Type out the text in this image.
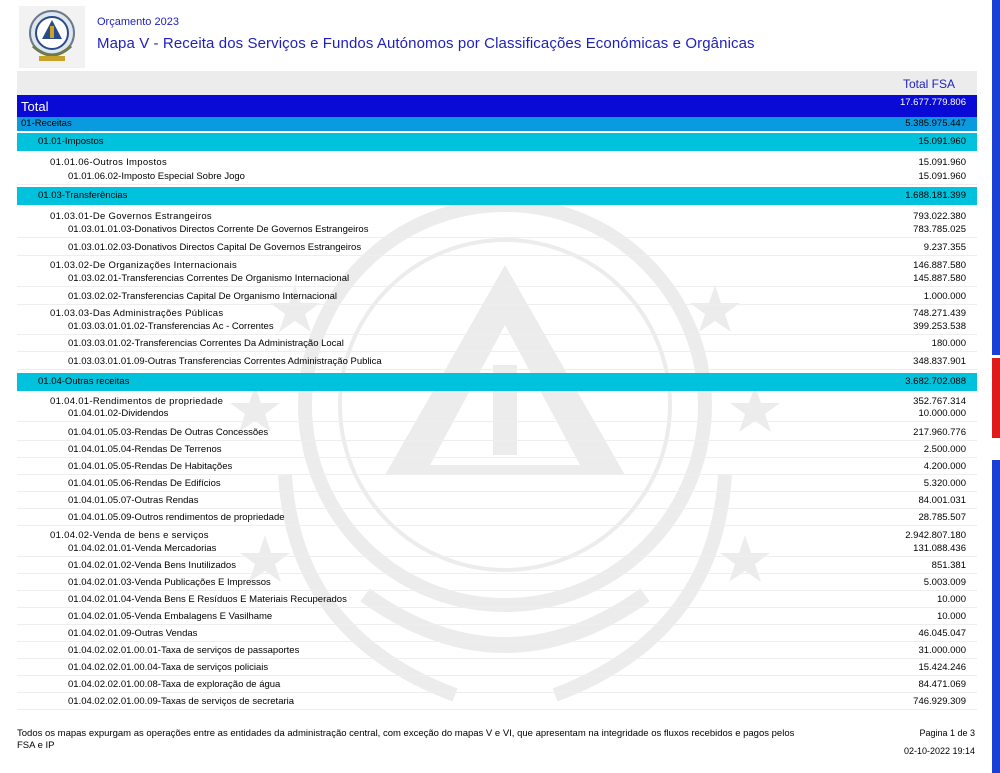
Orçamento 2023
Mapa V - Receita dos Serviços e Fundos Autónomos por Classificações Económicas e Orgânicas
Total FSA
Total	17.677.779.806
01-Receitas	5.385.975.447
01.01-Impostos	15.091.960
01.01.06-Outros Impostos	15.091.960
01.01.06.02-Imposto Especial Sobre Jogo	15.091.960
01.03-Transferências	1.688.181.399
01.03.01-De Governos Estrangeiros	793.022.380
01.03.01.01.03-Donativos Directos Corrente De Governos Estrangeiros	783.785.025
01.03.01.02.03-Donativos Directos Capital De Governos Estrangeiros	9.237.355
01.03.02-De Organizações Internacionais	146.887.580
01.03.02.01-Transferencias Correntes De Organismo Internacional	145.887.580
01.03.02.02-Transferencias Capital De Organismo Internacional	1.000.000
01.03.03-Das Administrações Públicas	748.271.439
01.03.03.01.01.02-Transferencias Ac - Correntes	399.253.538
01.03.03.01.02-Transferencias Correntes Da Administração Local	180.000
01.03.03.01.01.09-Outras Transferencias Correntes Administração Publica	348.837.901
01.04-Outras receitas	3.682.702.088
01.04.01-Rendimentos de propriedade	352.767.314
01.04.01.02-Dividendos	10.000.000
01.04.01.05.03-Rendas De Outras Concessões	217.960.776
01.04.01.05.04-Rendas De Terrenos	2.500.000
01.04.01.05.05-Rendas De Habitações	4.200.000
01.04.01.05.06-Rendas De Edifícios	5.320.000
01.04.01.05.07-Outras Rendas	84.001.031
01.04.01.05.09-Outros rendimentos de propriedade	28.785.507
01.04.02-Venda de bens e serviços	2.942.807.180
01.04.02.01.01-Venda Mercadorias	131.088.436
01.04.02.01.02-Venda Bens Inutilizados	851.381
01.04.02.01.03-Venda Publicações E Impressos	5.003.009
01.04.02.01.04-Venda Bens E Resíduos E Materiais Recuperados	10.000
01.04.02.01.05-Venda Embalagens E Vasilhame	10.000
01.04.02.01.09-Outras Vendas	46.045.047
01.04.02.02.01.00.01-Taxa de serviços de passaportes	31.000.000
01.04.02.02.01.00.04-Taxa de serviços policiais	15.424.246
01.04.02.02.01.00.08-Taxa de exploração de água	84.471.069
01.04.02.02.01.00.09-Taxas de serviços de secretaria	746.929.309
Todos os mapas expurgam as operações entre as entidades da administração central, com exceção do mapas V e VI, que apresentam na integridade os fluxos recebidos e pagos pelos FSA e IP
Pagina 1 de 3
02-10-2022 19:14
